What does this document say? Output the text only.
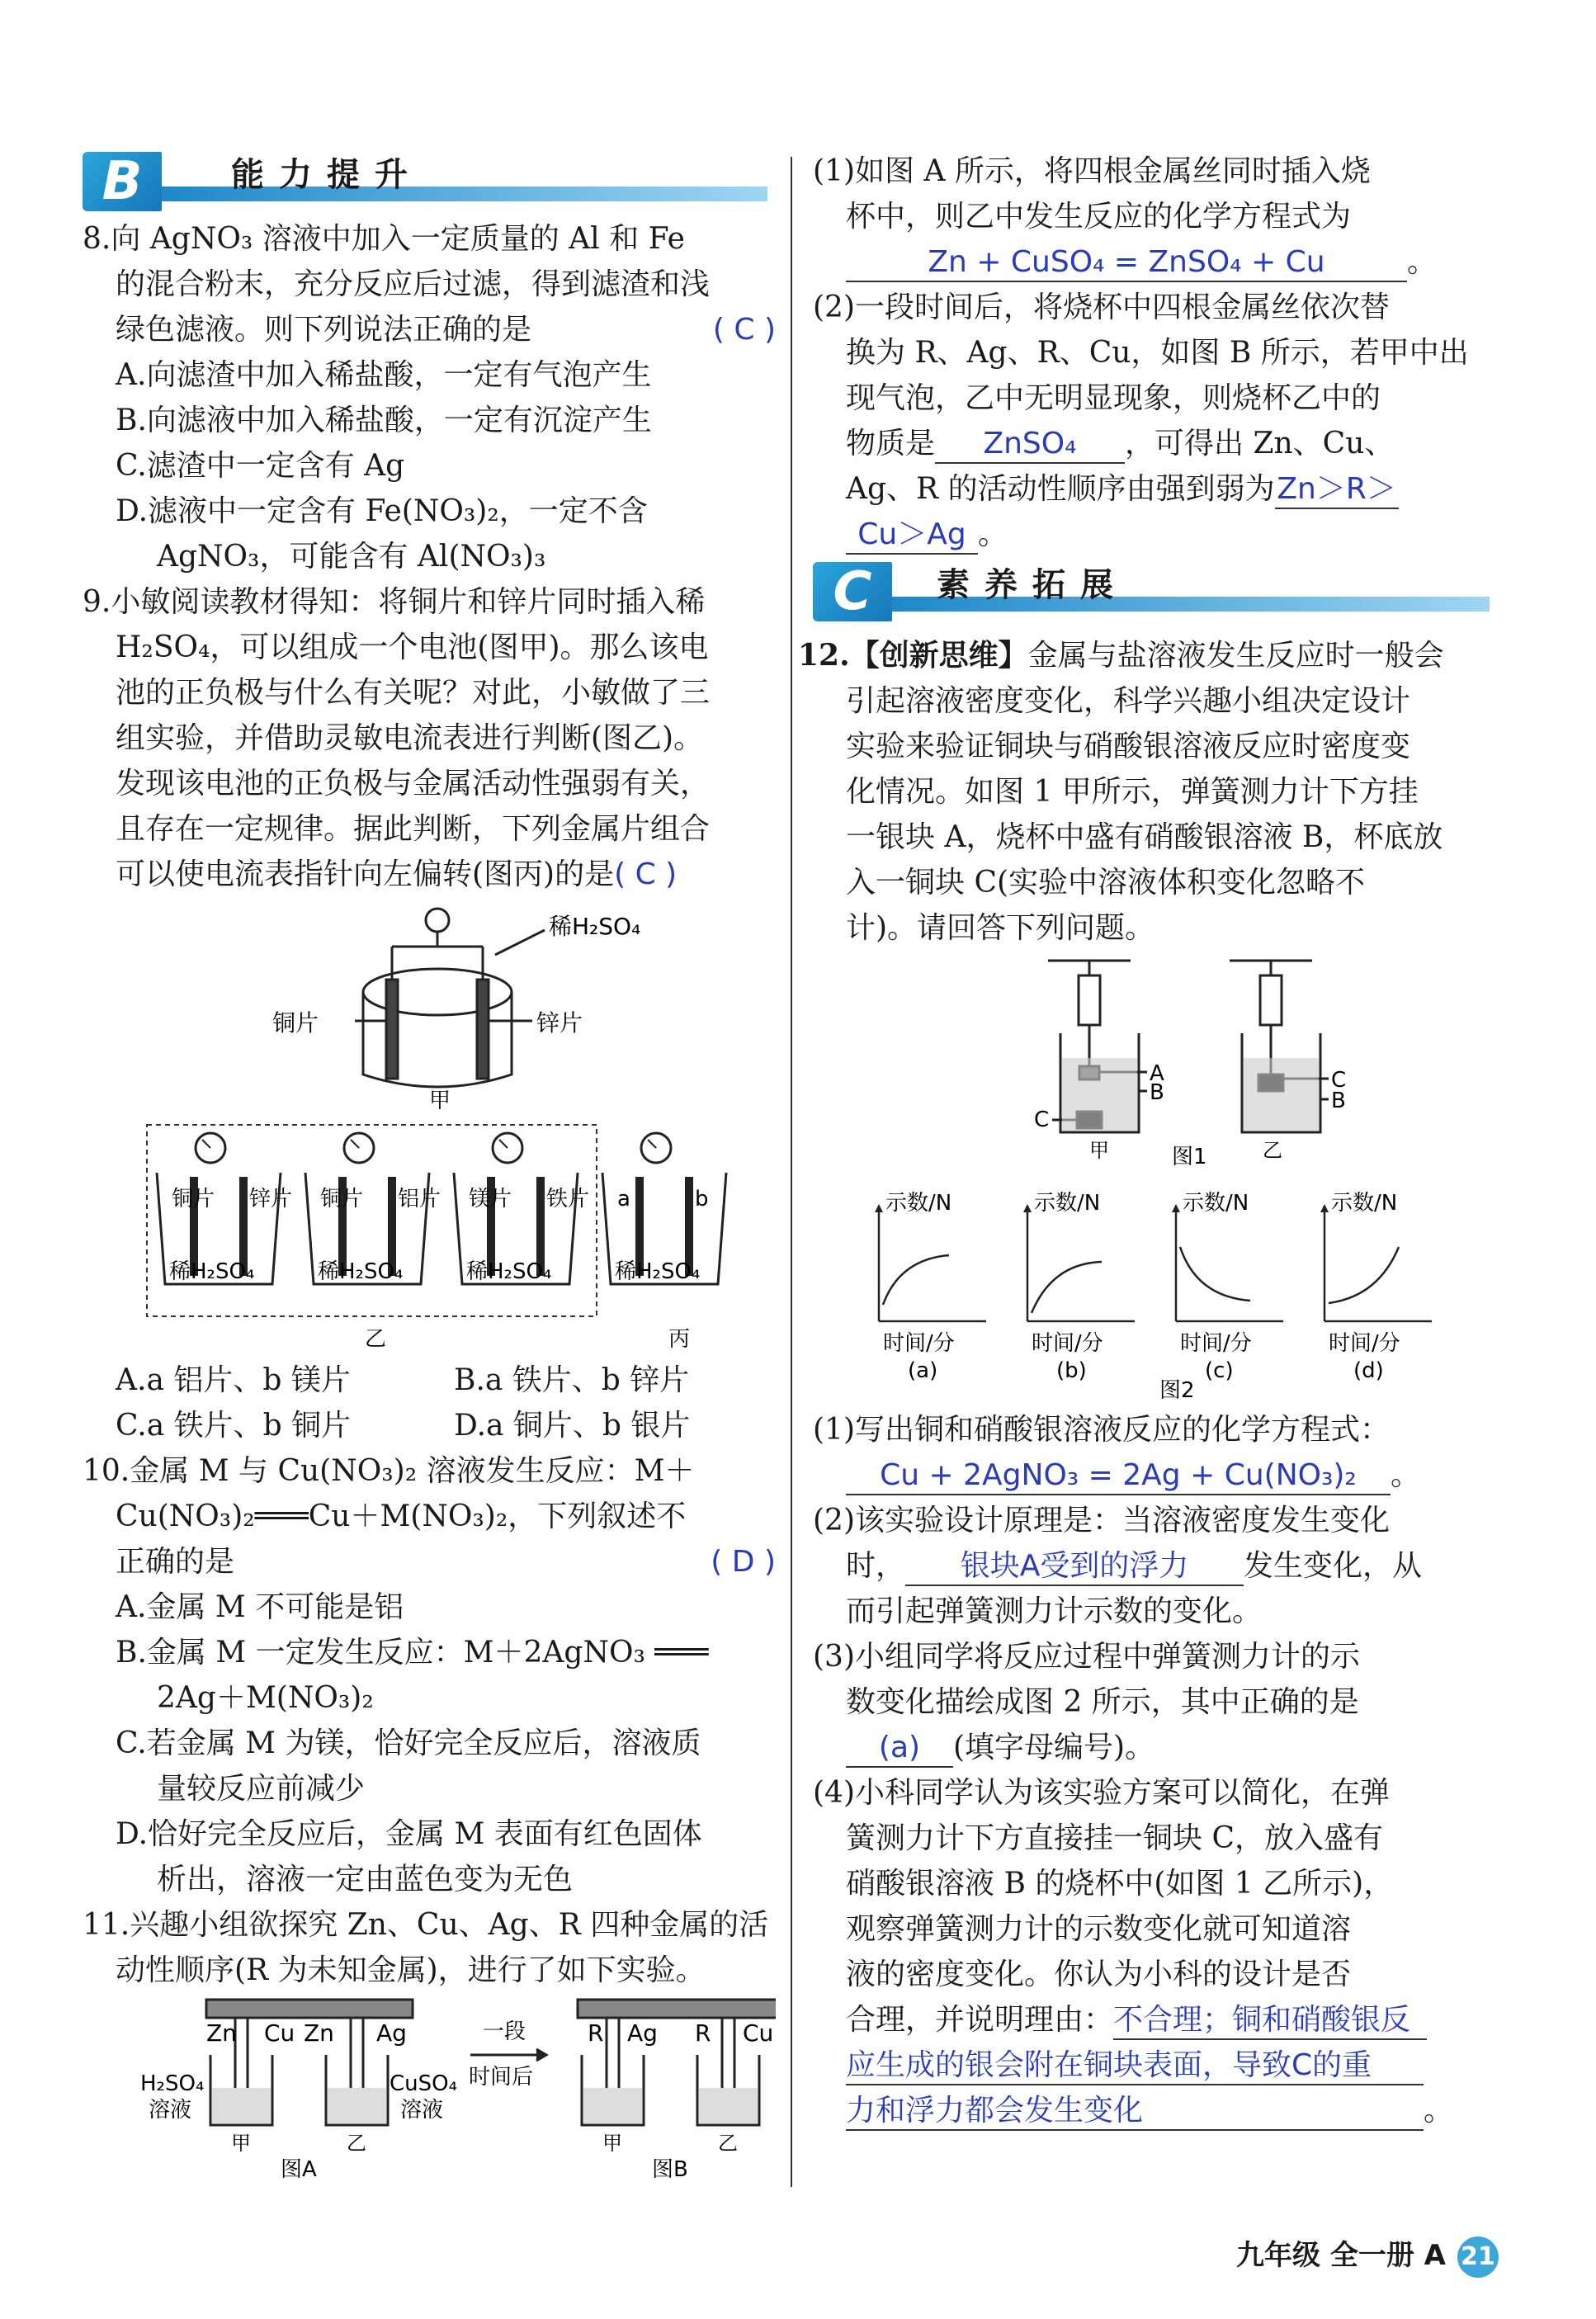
B	能力提升
8.向 AgNO₃ 溶液中加入一定质量的 Al 和 Fe
的混合粉末，充分反应后过滤，得到滤渣和浅
绿色滤液。则下列说法正确的是	( C )
A.向滤渣中加入稀盐酸，一定有气泡产生
B.向滤液中加入稀盐酸，一定有沉淀产生
C.滤渣中一定含有 Ag
D.滤液中一定含有 Fe(NO₃)₂，一定不含
AgNO₃，可能含有 Al(NO₃)₃
9.小敏阅读教材得知：将铜片和锌片同时插入稀
H₂SO₄，可以组成一个电池(图甲)。那么该电
池的正负极与什么有关呢？对此，小敏做了三
组实验，并借助灵敏电流表进行判断(图乙)。
发现该电池的正负极与金属活动性强弱有关，
且存在一定规律。据此判断，下列金属片组合
可以使电流表指针向左偏转(图丙)的是( C )
稀H₂SO₄
铜片	锌片
甲

铜片 锌片
稀H₂SO₄
铜片 铝片
稀H₂SO₄
镁片 铁片
稀H₂SO₄
a	b
稀H₂SO₄
乙	丙
A.a 铝片、b 镁片	B.a 铁片、b 锌片
C.a 铁片、b 铜片	D.a 铜片、b 银片
10.金属 M 与 Cu(NO₃)₂ 溶液发生反应：M＋
Cu(NO₃)₂═══Cu＋M(NO₃)₂，下列叙述不
正确的是	( D )
A.金属 M 不可能是铝
B.金属 M 一定发生反应：M＋2AgNO₃ ═══
2Ag＋M(NO₃)₂
C.若金属 M 为镁，恰好完全反应后，溶液质
量较反应前减少
D.恰好完全反应后，金属 M 表面有红色固体
析出，溶液一定由蓝色变为无色
11.兴趣小组欲探究 Zn、Cu、Ag、R 四种金属的活
动性顺序(R 为未知金属)，进行了如下实验。
Zn Cu Zn Ag
H₂SO₄
溶液
CuSO₄
溶液
一段
时间后
甲	乙
图A
R Ag R Cu
甲	乙
图B
(1)如图 A 所示，将四根金属丝同时插入烧
杯中，则乙中发生反应的化学方程式为
Zn + CuSO₄ = ZnSO₄ + Cu	。
(2)一段时间后，将烧杯中四根金属丝依次替
换为 R、Ag、R、Cu，如图 B 所示，若甲中出
现气泡，乙中无明显现象，则烧杯乙中的
物质是 ZnSO₄ ，可得出 Zn、Cu、
Ag、R 的活动性顺序由强到弱为Zn＞R＞
Cu＞Ag 。
C	素养拓展
12.【创新思维】金属与盐溶液发生反应时一般会
引起溶液密度变化，科学兴趣小组决定设计
实验来验证铜块与硝酸银溶液反应时密度变
化情况。如图 1 甲所示，弹簧测力计下方挂
一银块 A，烧杯中盛有硝酸银溶液 B，杯底放
入一铜块 C(实验中溶液体积变化忽略不
计)。请回答下列问题。
A
B
C
C
B
甲	图1	乙

示数/N
时间/分
(a)
示数/N
时间/分
(b)
示数/N
时间/分
(c)
示数/N
时间/分
(d)
图2
(1)写出铜和硝酸银溶液反应的化学方程式：
Cu + 2AgNO₃ = 2Ag + Cu(NO₃)₂ 。
(2)该实验设计原理是：当溶液密度发生变化
时， 银块A受到的浮力 发生变化，从
而引起弹簧测力计示数的变化。
(3)小组同学将反应过程中弹簧测力计的示
数变化描绘成图 2 所示，其中正确的是
(a) (填字母编号)。
(4)小科同学认为该实验方案可以简化，在弹
簧测力计下方直接挂一铜块 C，放入盛有
硝酸银溶液 B 的烧杯中(如图 1 乙所示)，
观察弹簧测力计的示数变化就可知道溶
液的密度变化。你认为小科的设计是否
合理，并说明理由：不合理；铜和硝酸银反
应生成的银会附在铜块表面，导致C的重
力和浮力都会发生变化	。
九年级 全一册 A 21
